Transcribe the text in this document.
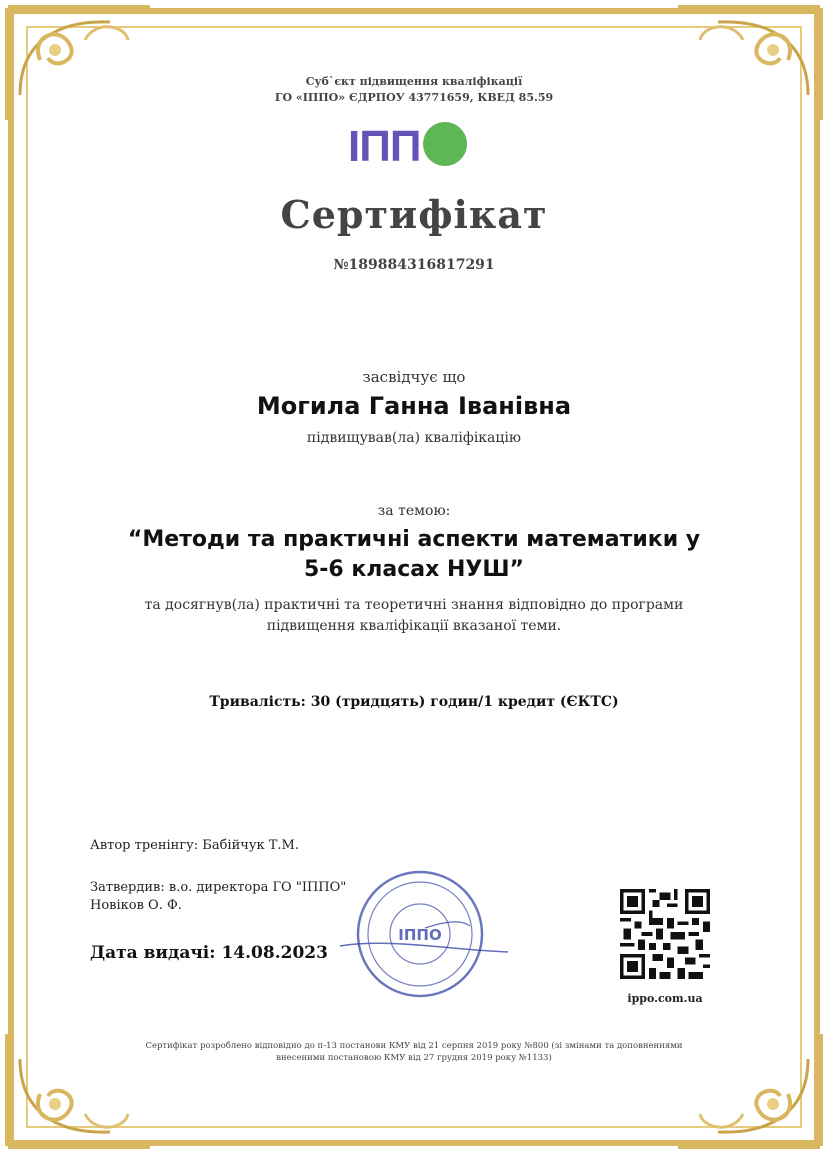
Суб`єкт підвищення кваліфікації
ГО «ІППО» ЄДРПОУ 43771659, КВЕД 85.59
ІПП
Сертифікат
№189884316817291
засвідчує що
Могила Ганна Іванівна
підвищував(ла) кваліфікацію
за темою:
“Методи та практичні аспекти математики у
5-6 класах НУШ”
та досягнув(ла) практичні та теоретичні знання відповідно до програми
підвищення кваліфікації вказаної теми.
Тривалість: 30 (тридцять) годин/1 кредит (ЄКТС)
Автор тренінгу: Бабійчук Т.М.
Затвердив: в.о. директора ГО "ІППО"
Новіков О. Ф.
Дата видачі: 14.08.2023
ІППО
ippo.com.ua
Сертифікат розроблено відповідно до п-13 постанови КМУ від 21 серпня 2019 року №800 (зі змінами та доповненнями внесеними постановою КМУ від 27 грудня 2019 року №1133)
